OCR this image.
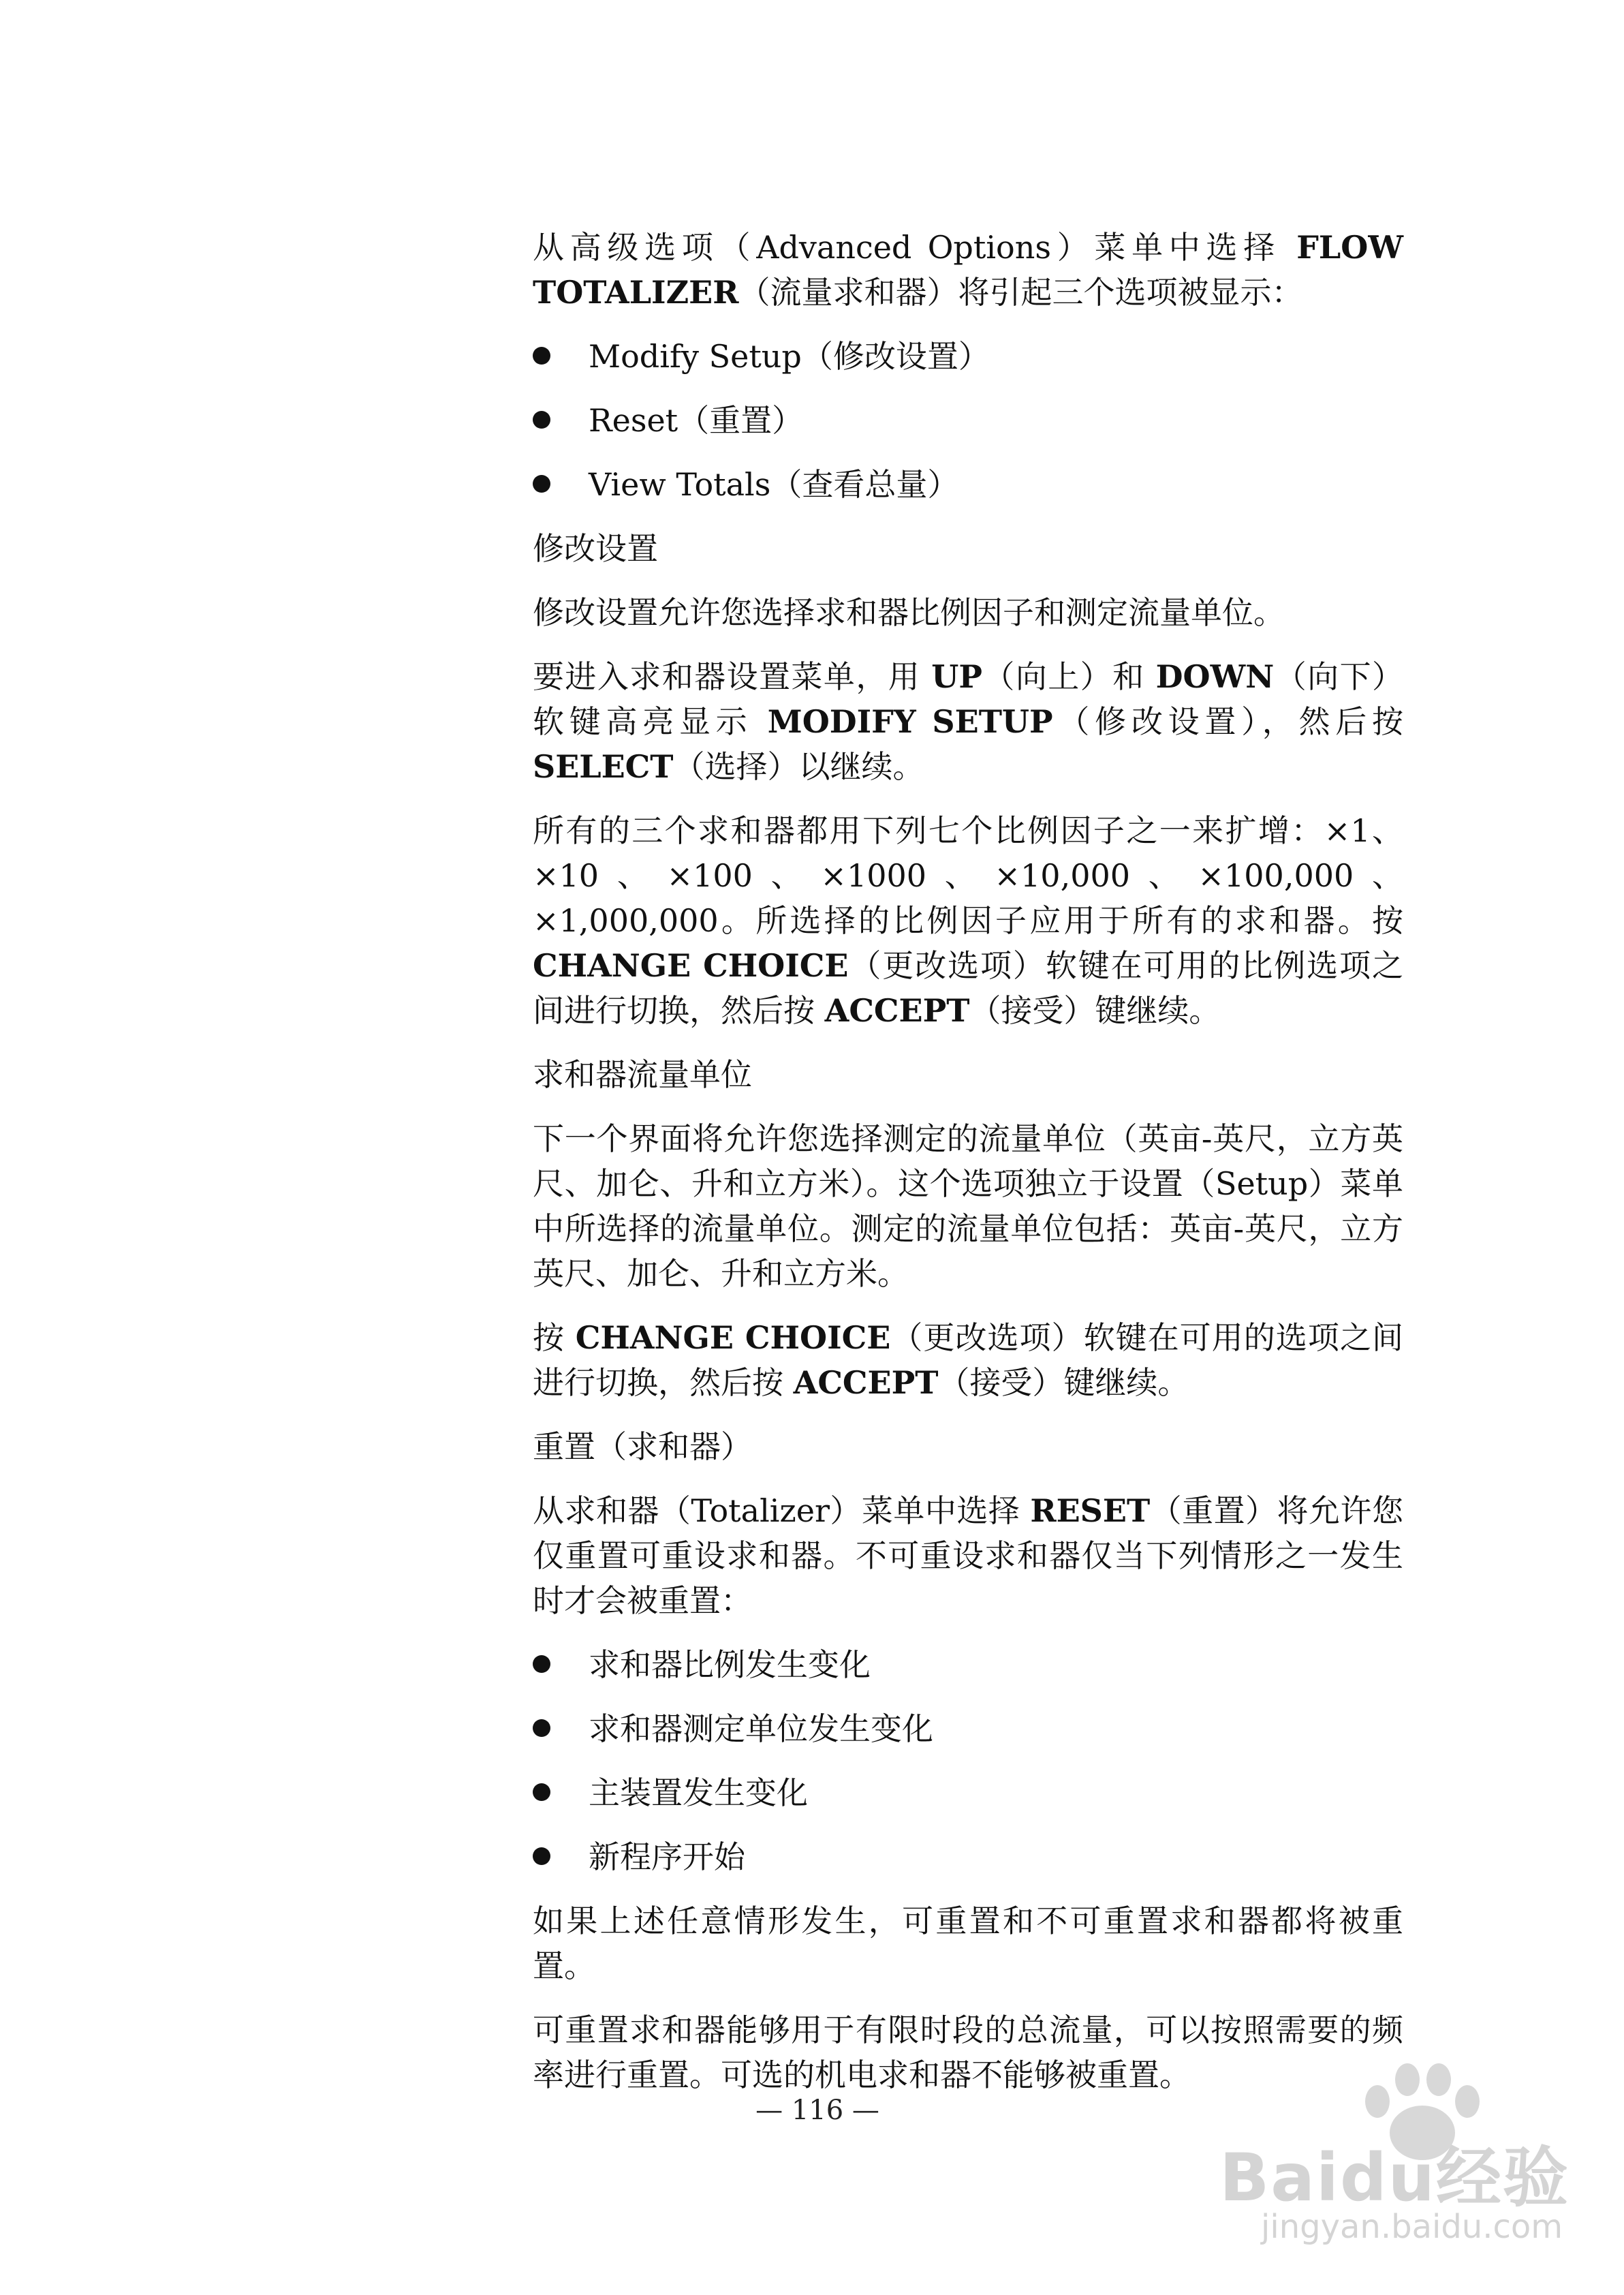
从高级选项（Advanced Options）菜单中选择 FLOW TOTALIZER（流量求和器）将引起三个选项被显示：

Modify Setup（修改设置）
Reset（重置）
View Totals（查看总量）

修改设置

修改设置允许您选择求和器比例因子和测定流量单位。

要进入求和器设置菜单，用 UP（向上）和 DOWN（向下）软键高亮显示 MODIFY SETUP（修改设置），然后按 SELECT（选择）以继续。

所有的三个求和器都用下列七个比例因子之一来扩增：×1、×10、×100、×1000、×10,000、×100,000、×1,000,000。所选择的比例因子应用于所有的求和器。按 CHANGE CHOICE（更改选项）软键在可用的比例选项之间进行切换，然后按 ACCEPT（接受）键继续。

求和器流量单位

下一个界面将允许您选择测定的流量单位（英亩-英尺，立方英尺、加仑、升和立方米）。这个选项独立于设置（Setup）菜单中所选择的流量单位。测定的流量单位包括：英亩-英尺，立方英尺、加仑、升和立方米。

按 CHANGE CHOICE（更改选项）软键在可用的选项之间进行切换，然后按 ACCEPT（接受）键继续。

重置（求和器）

从求和器（Totalizer）菜单中选择 RESET（重置）将允许您仅重置可重设求和器。不可重设求和器仅当下列情形之一发生时才会被重置：

求和器比例发生变化
求和器测定单位发生变化
主装置发生变化
新程序开始

如果上述任意情形发生，可重置和不可重置求和器都将被重置。

可重置求和器能够用于有限时段的总流量，可以按照需要的频率进行重置。可选的机电求和器不能够被重置。

— 116 —
Baidu经验
jingyan.baidu.com
